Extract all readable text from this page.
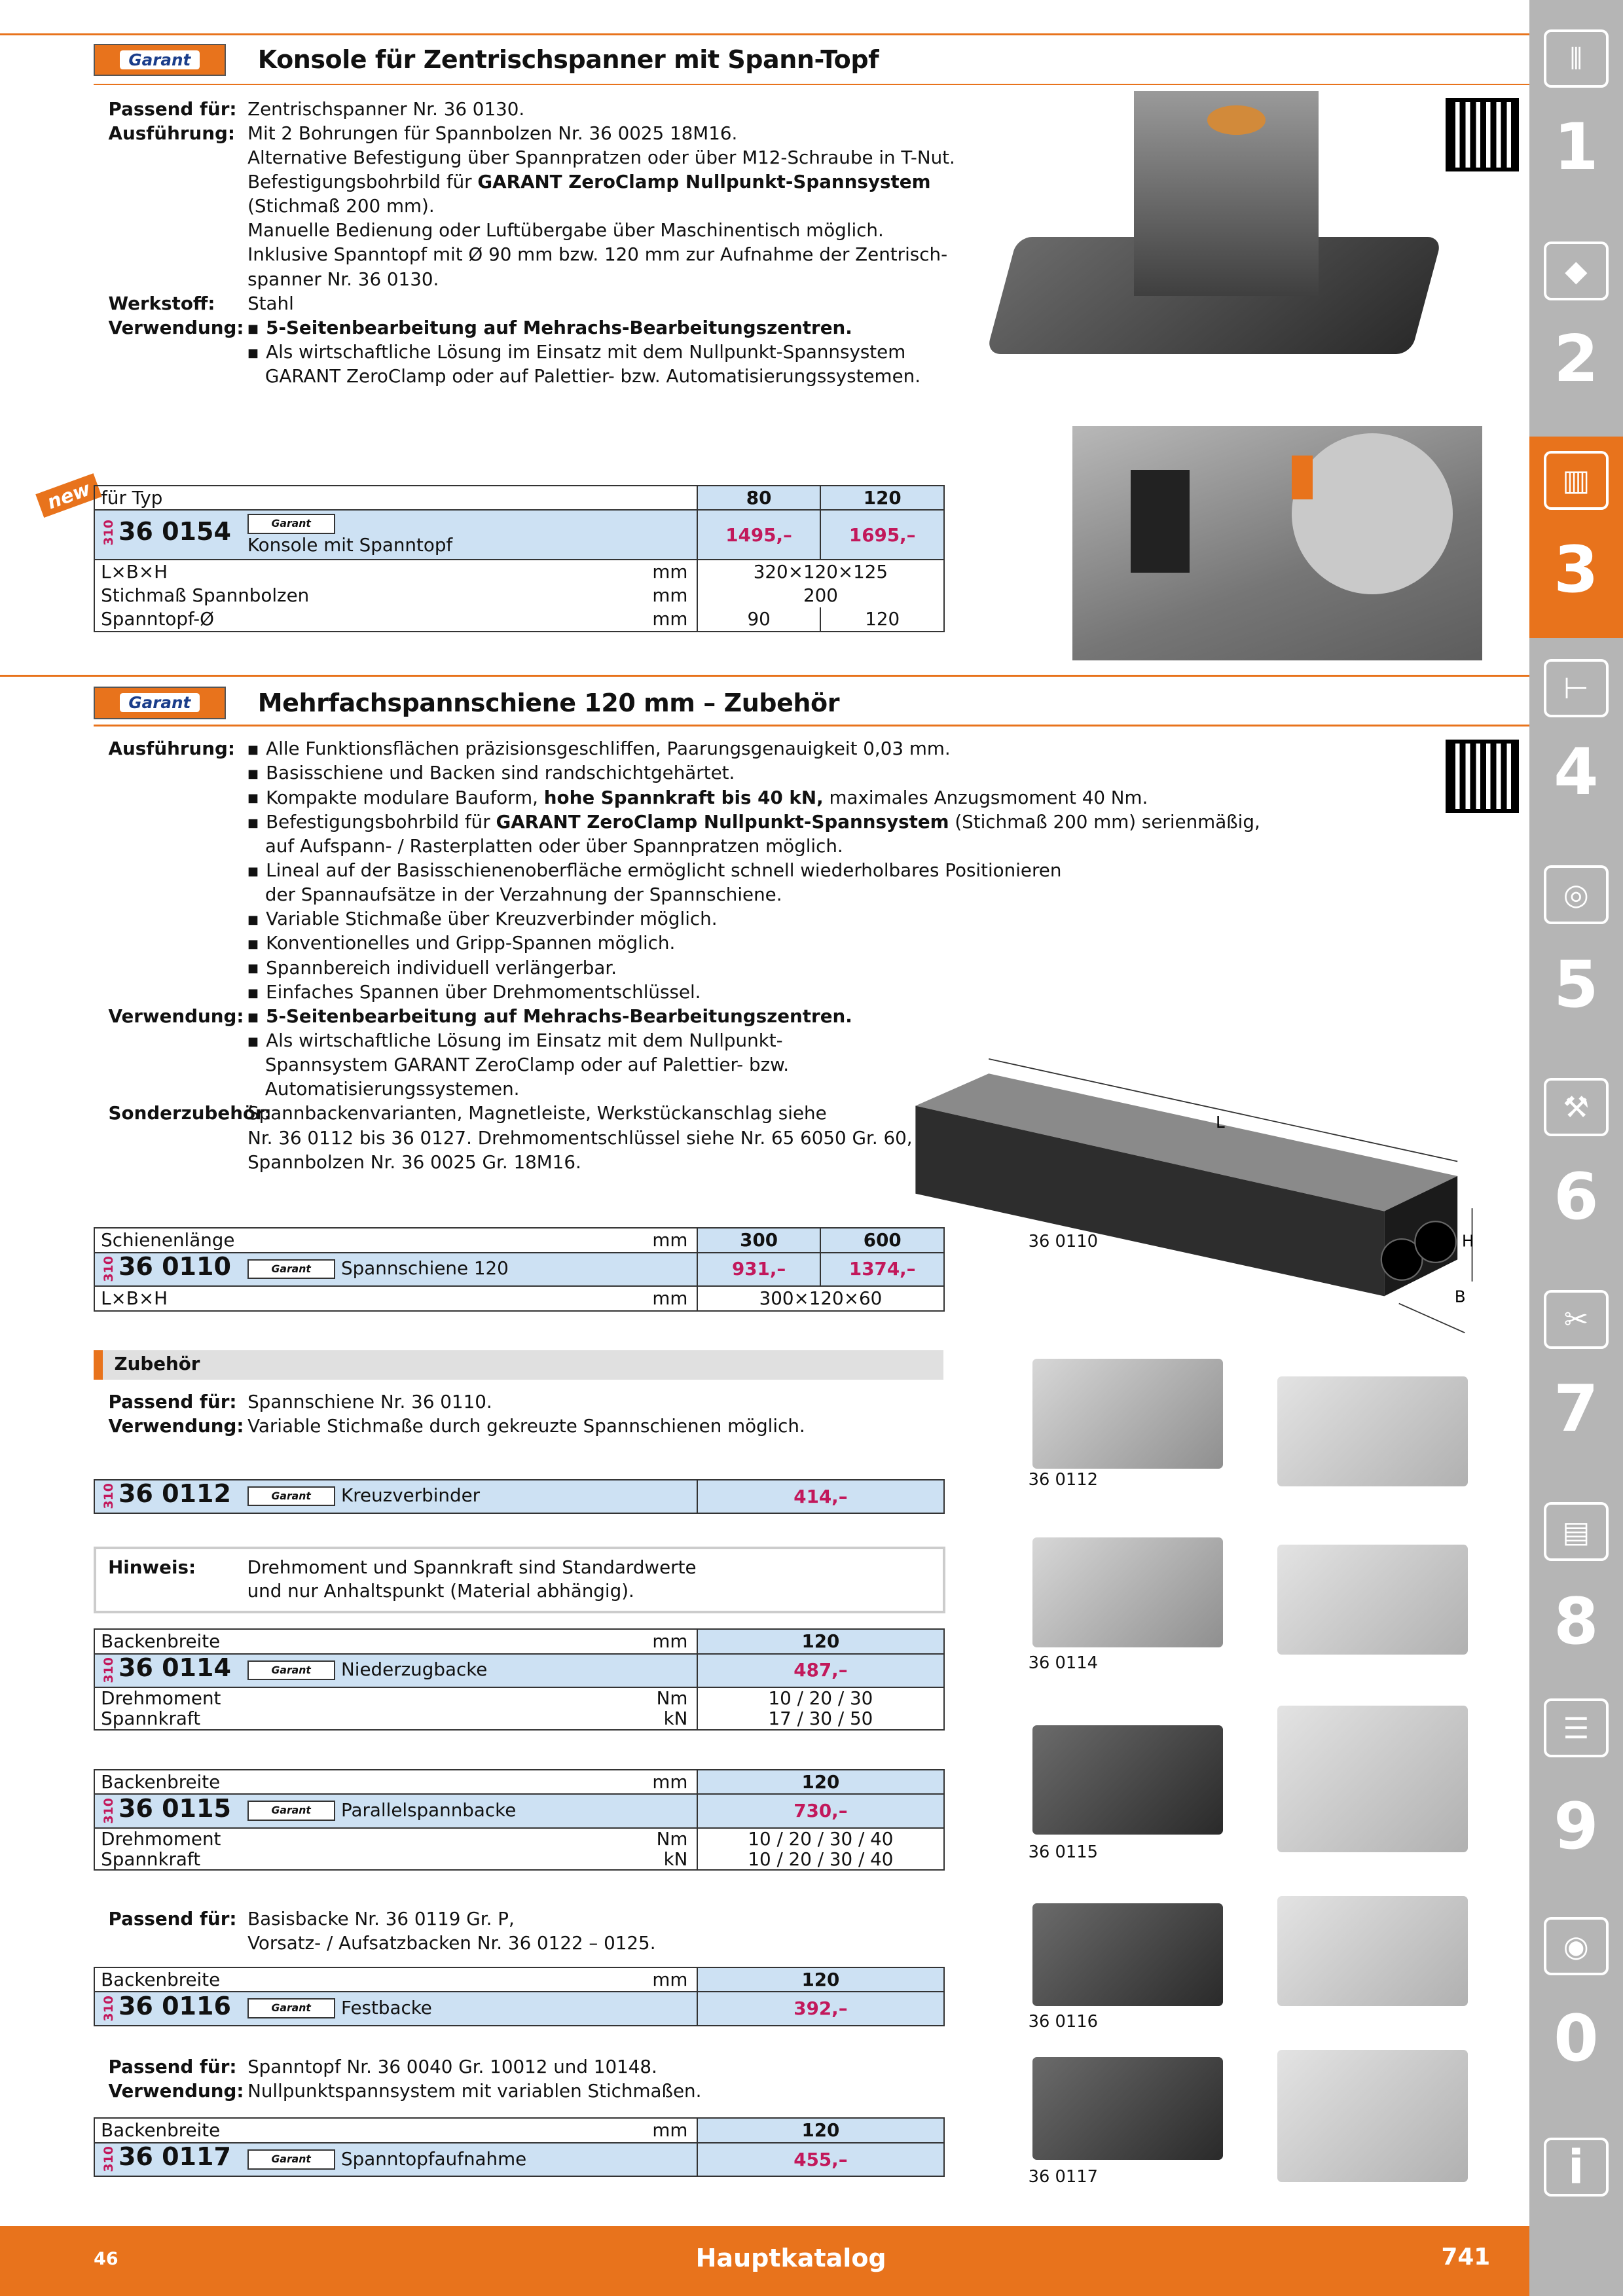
Garant	Konsole für Zentrischspanner mit Spann-Topf
Passend für: Zentrischspanner Nr. 36 0130.
Ausführung: Mit 2 Bohrungen für Spannbolzen Nr. 36 0025 18M16.
Alternative Befestigung über Spannpratzen oder über M12-Schraube in T-Nut.
Befestigungsbohrbild für GARANT ZeroClamp Nullpunkt-Spannsystem
(Stichmaß 200 mm).
Manuelle Bedienung oder Luftübergabe über Maschinentisch möglich.
Inklusive Spanntopf mit Ø 90 mm bzw. 120 mm zur Aufnahme der Zentrisch-
spanner Nr. 36 0130.
Werkstoff:	Stahl
Verwendung:	■ 5-Seitenbearbeitung auf Mehrachs-Bearbeitungszentren.
■ Als wirtschaftliche Lösung im Einsatz mit dem Nullpunkt-Spannsystem
GARANT ZeroClamp oder auf Palettier- bzw. Automatisierungssystemen.
new für Typ	80	120

310 36 0154 Garant
Konsole mit Spanntopf	1495,–	1695,–
L×B×H mm	320×120×125	
Stichmaß Spannbolzen mm	200	
Spanntopf-Ø mm	90	120
Garant	Mehrfachspannschiene 120 mm – Zubehör
Ausführung:	■ Alle Funktionsflächen präzisionsgeschliffen, Paarungsgenauigkeit 0,03 mm.
■ Basisschiene und Backen sind randschichtgehärtet.
■ Kompakte modulare Bauform, hohe Spannkraft bis 40 kN, maximales Anzugsmoment 40 Nm.
■ Befestigungsbohrbild für GARANT ZeroClamp Nullpunkt-Spannsystem (Stichmaß 200 mm) serienmäßig,
auf Aufspann- / Rasterplatten oder über Spannpratzen möglich.
■ Lineal auf der Basisschienenoberfläche ermöglicht schnell wiederholbares Positionieren
der Spannaufsätze in der Verzahnung der Spannschiene.
■ Variable Stichmaße über Kreuzverbinder möglich.
■ Konventionelles und Gripp-Spannen möglich.
■ Spannbereich individuell verlängerbar.
■ Einfaches Spannen über Drehmomentschlüssel.
Verwendung:	■ 5-Seitenbearbeitung auf Mehrachs-Bearbeitungszentren.
■ Als wirtschaftliche Lösung im Einsatz mit dem Nullpunkt-
Spannsystem GARANT ZeroClamp oder auf Palettier- bzw.
Automatisierungssystemen.
Sonderzubehör:
Spannbackenvarianten, Magnetleiste, Werkstückanschlag siehe
Nr. 36 0112 bis 36 0127. Drehmomentschlüssel siehe Nr. 65 6050 Gr. 60,
Spannbolzen Nr. 36 0025 Gr. 18M16.
L
H
B
36 0110
Schienenlänge mm	300	600

310 36 0110 Garant Spannschiene 120	931,–	1374,–
L×B×H mm	300×120×60	
Zubehör
Passend für: Spannschiene Nr. 36 0110.
Verwendung: Variable Stichmaße durch gekreuzte Spannschienen möglich.
310 36 0112	Garant	Kreuzverbinder	414,–
Hinweis:	Drehmoment und Spannkraft sind Standardwerte
und nur Anhaltspunkt (Material abhängig).
Backenbreite mm	120

310 36 0114 Garant Niederzugbacke	487,–
Drehmoment Nm	10 / 20 / 30
Spannkraft kN	17 / 30 / 50
Backenbreite mm	120

310 36 0115 Garant Parallelspannbacke	730,–
Drehmoment Nm	10 / 20 / 30 / 40
Spannkraft kN	10 / 20 / 30 / 40
Passend für: Basisbacke Nr. 36 0119 Gr. P,
Vorsatz- / Aufsatzbacken Nr. 36 0122 – 0125.
Backenbreite mm	120

310 36 0116 Garant Festbacke	392,–
Passend für: Spanntopf Nr. 36 0040 Gr. 10012 und 10148.
Verwendung: Nullpunktspannsystem mit variablen Stichmaßen.
Backenbreite mm	120

310 36 0117 Garant Spanntopfaufnahme	455,–
36 0112
36 0114
36 0115
36 0116
36 0117
⦀
1
◆
2
▥
3
⊢
4
◎
5
⚒
6
✂
7
▤
8
☰
9
◉
0
i
46	Hauptkatalog	741
